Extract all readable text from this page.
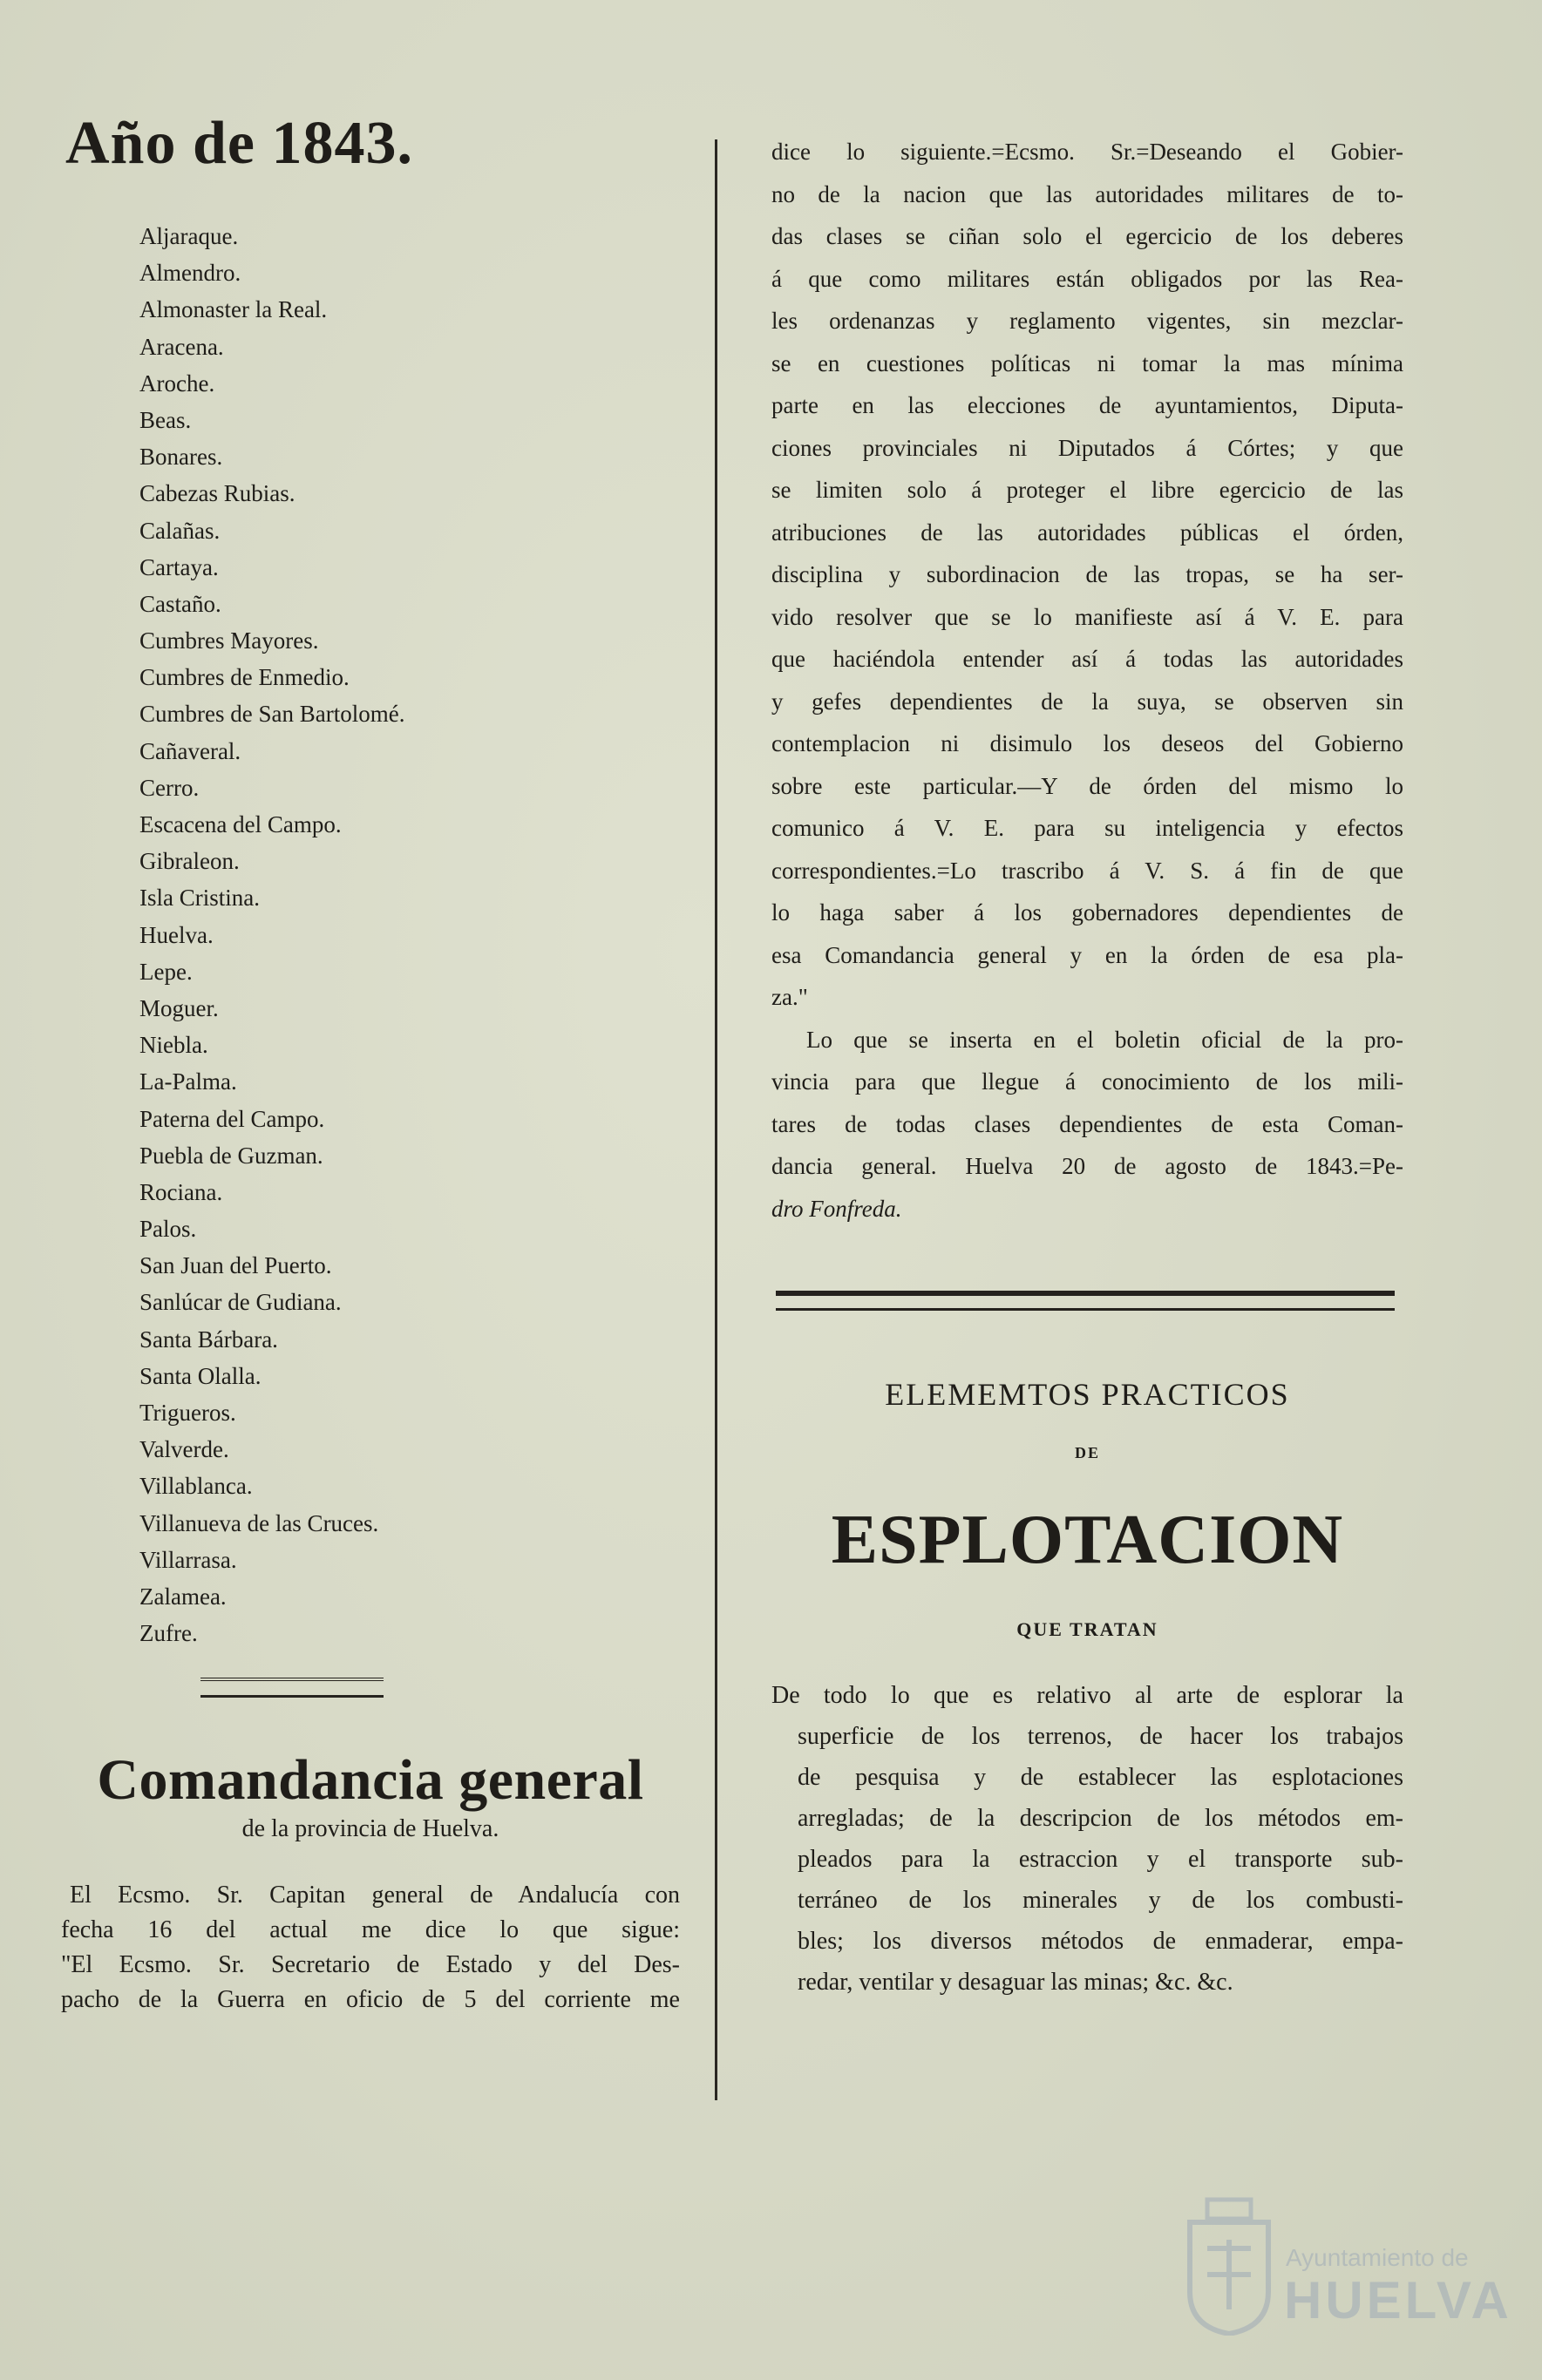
Año de 1843.
Aljaraque.
Almendro.
Almonaster la Real.
Aracena.
Aroche.
Beas.
Bonares.
Cabezas Rubias.
Calañas.
Cartaya.
Castaño.
Cumbres Mayores.
Cumbres de Enmedio.
Cumbres de San Bartolomé.
Cañaveral.
Cerro.
Escacena del Campo.
Gibraleon.
Isla Cristina.
Huelva.
Lepe.
Moguer.
Niebla.
La-Palma.
Paterna del Campo.
Puebla de Guzman.
Rociana.
Palos.
San Juan del Puerto.
Sanlúcar de Gudiana.
Santa Bárbara.
Santa Olalla.
Trigueros.
Valverde.
Villablanca.
Villanueva de las Cruces.
Villarrasa.
Zalamea.
Zufre.
Comandancia general
de la provincia de Huelva.
El Ecsmo. Sr. Capitan general de Andalucía con
fecha 16 del actual me dice lo que sigue:
"El Ecsmo. Sr. Secretario de Estado y del Des-
pacho de la Guerra en oficio de 5 del corriente me
dice lo siguiente.=Ecsmo. Sr.=Deseando el Gobier-
no de la nacion que las autoridades militares de to-
das clases se ciñan solo el egercicio de los deberes
á que como militares están obligados por las Rea-
les ordenanzas y reglamento vigentes, sin mezclar-
se en cuestiones políticas ni tomar la mas mínima
parte en las elecciones de ayuntamientos, Diputa-
ciones provinciales ni Diputados á Córtes; y que
se limiten solo á proteger el libre egercicio de las
atribuciones de las autoridades públicas el órden,
disciplina y subordinacion de las tropas, se ha ser-
vido resolver que se lo manifieste así á V. E. para
que haciéndola entender así á todas las autoridades
y gefes dependientes de la suya, se observen sin
contemplacion ni disimulo los deseos del Gobierno
sobre este particular.—Y de órden del mismo lo
comunico á V. E. para su inteligencia y efectos
correspondientes.=Lo trascribo á V. S. á fin de que
lo haga saber á los gobernadores dependientes de
esa Comandancia general y en la órden de esa pla-
za."
Lo que se inserta en el boletin oficial de la pro-
vincia para que llegue á conocimiento de los mili-
tares de todas clases dependientes de esta Coman-
dancia general. Huelva 20 de agosto de 1843.=Pe-
dro Fonfreda.
ELEMEMTOS PRACTICOS
DE
ESPLOTACION
QUE TRATAN
De todo lo que es relativo al arte de esplorar la
superficie de los terrenos, de hacer los trabajos
de pesquisa y de establecer las esplotaciones
arregladas; de la descripcion de los métodos em-
pleados para la estraccion y el transporte sub-
terráneo de los minerales y de los combusti-
bles; los diversos métodos de enmaderar, empa-
redar, ventilar y desaguar las minas; &c. &c.
Ayuntamiento de
HUELVA
